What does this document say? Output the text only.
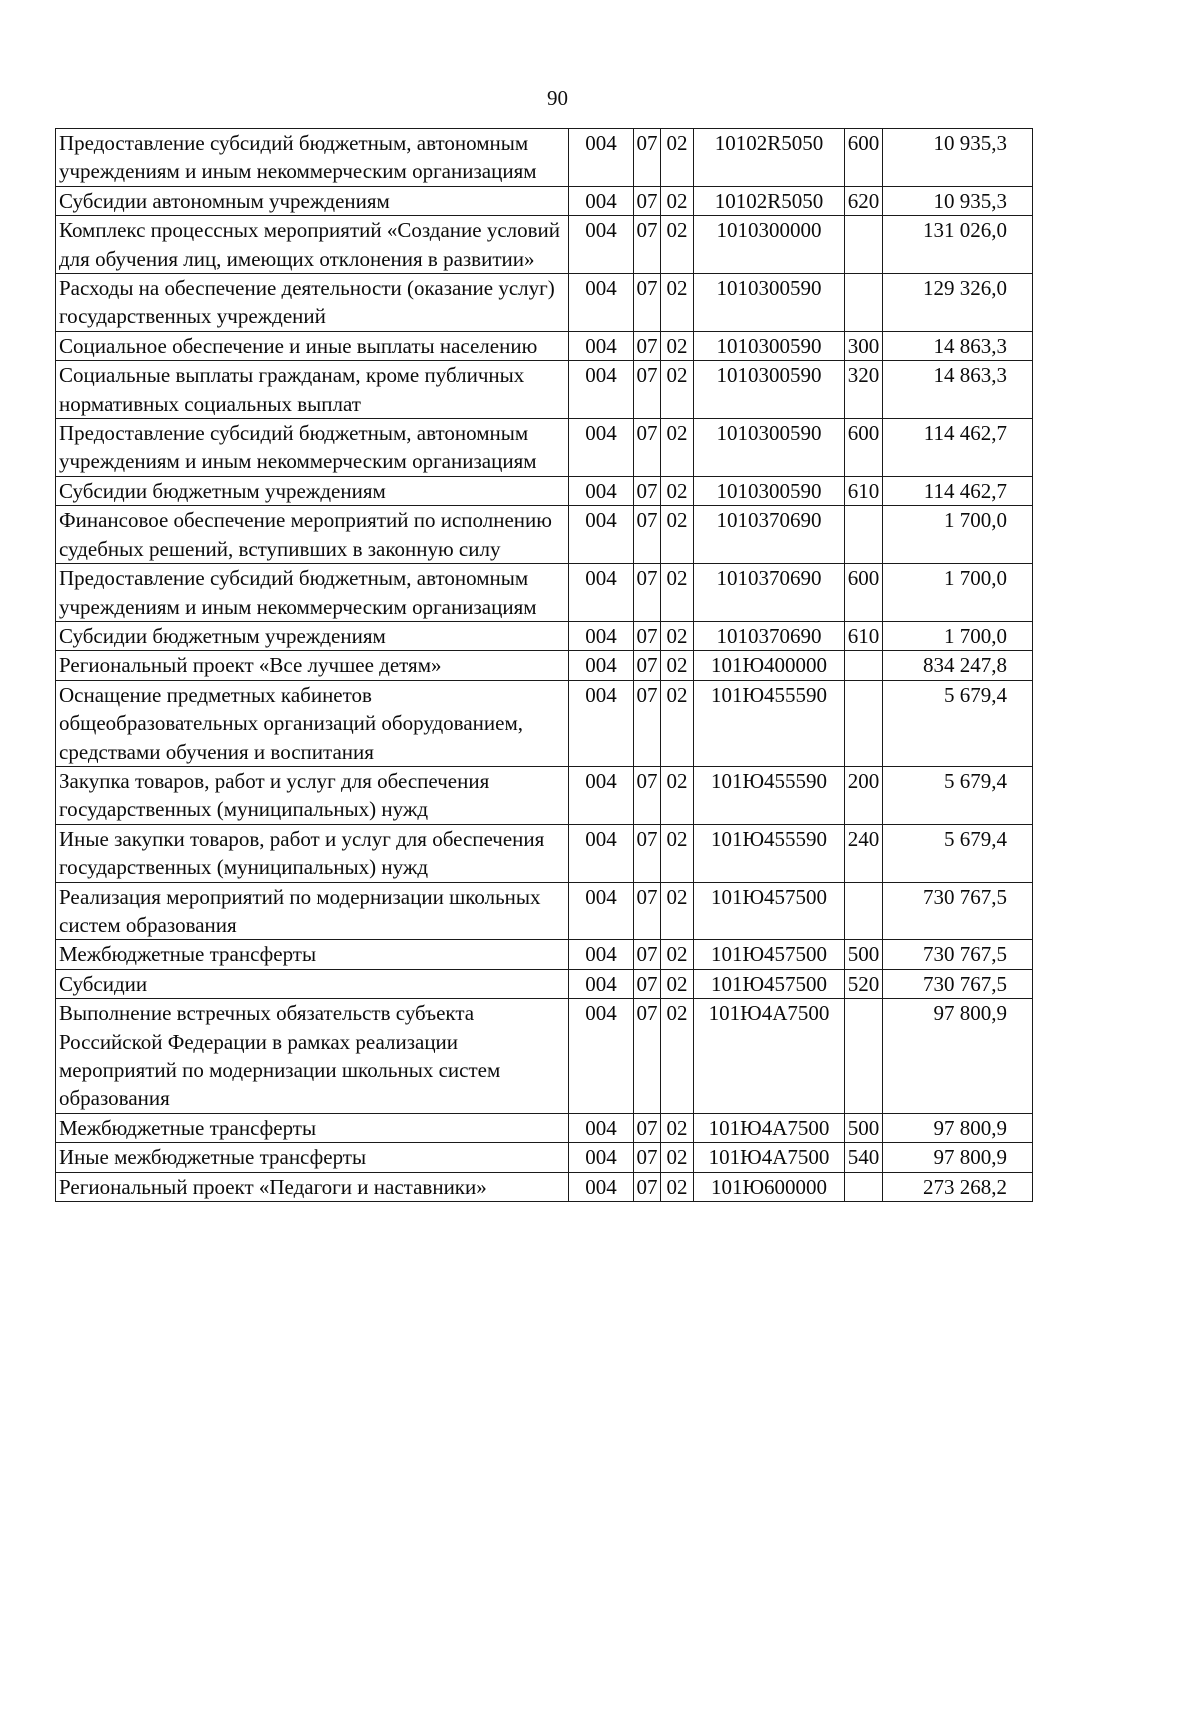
90
Предоставление субсидий бюджетным, автономным учреждениям и иным некоммерческим организациям	004	07	02	10102R5050	600	10 935,3
Субсидии автономным учреждениям	004	07	02	10102R5050	620	10 935,3
Комплекс процессных мероприятий «Создание условий для обучения лиц, имеющих отклонения в развитии»	004	07	02	1010300000		131 026,0
Расходы на обеспечение деятельности (оказание услуг) государственных учреждений	004	07	02	1010300590		129 326,0
Социальное обеспечение и иные выплаты населению	004	07	02	1010300590	300	14 863,3
Социальные выплаты гражданам, кроме публичных нормативных социальных выплат	004	07	02	1010300590	320	14 863,3
Предоставление субсидий бюджетным, автономным учреждениям и иным некоммерческим организациям	004	07	02	1010300590	600	114 462,7
Субсидии бюджетным учреждениям	004	07	02	1010300590	610	114 462,7
Финансовое обеспечение мероприятий по исполнению судебных решений, вступивших в законную силу	004	07	02	1010370690		1 700,0
Предоставление субсидий бюджетным, автономным учреждениям и иным некоммерческим организациям	004	07	02	1010370690	600	1 700,0
Субсидии бюджетным учреждениям	004	07	02	1010370690	610	1 700,0
Региональный проект «Все лучшее детям»	004	07	02	101Ю400000		834 247,8
Оснащение предметных кабинетов общеобразовательных организаций оборудованием, средствами обучения и воспитания	004	07	02	101Ю455590		5 679,4
Закупка товаров, работ и услуг для обеспечения государственных (муниципальных) нужд	004	07	02	101Ю455590	200	5 679,4
Иные закупки товаров, работ и услуг для обеспечения государственных (муниципальных) нужд	004	07	02	101Ю455590	240	5 679,4
Реализация мероприятий по модернизации школьных систем образования	004	07	02	101Ю457500		730 767,5
Межбюджетные трансферты	004	07	02	101Ю457500	500	730 767,5
Субсидии	004	07	02	101Ю457500	520	730 767,5
Выполнение встречных обязательств субъекта Российской Федерации в рамках реализации мероприятий по модернизации школьных систем образования	004	07	02	101Ю4А7500		97 800,9
Межбюджетные трансферты	004	07	02	101Ю4А7500	500	97 800,9
Иные межбюджетные трансферты	004	07	02	101Ю4А7500	540	97 800,9
Региональный проект «Педагоги и наставники»	004	07	02	101Ю600000		273 268,2
